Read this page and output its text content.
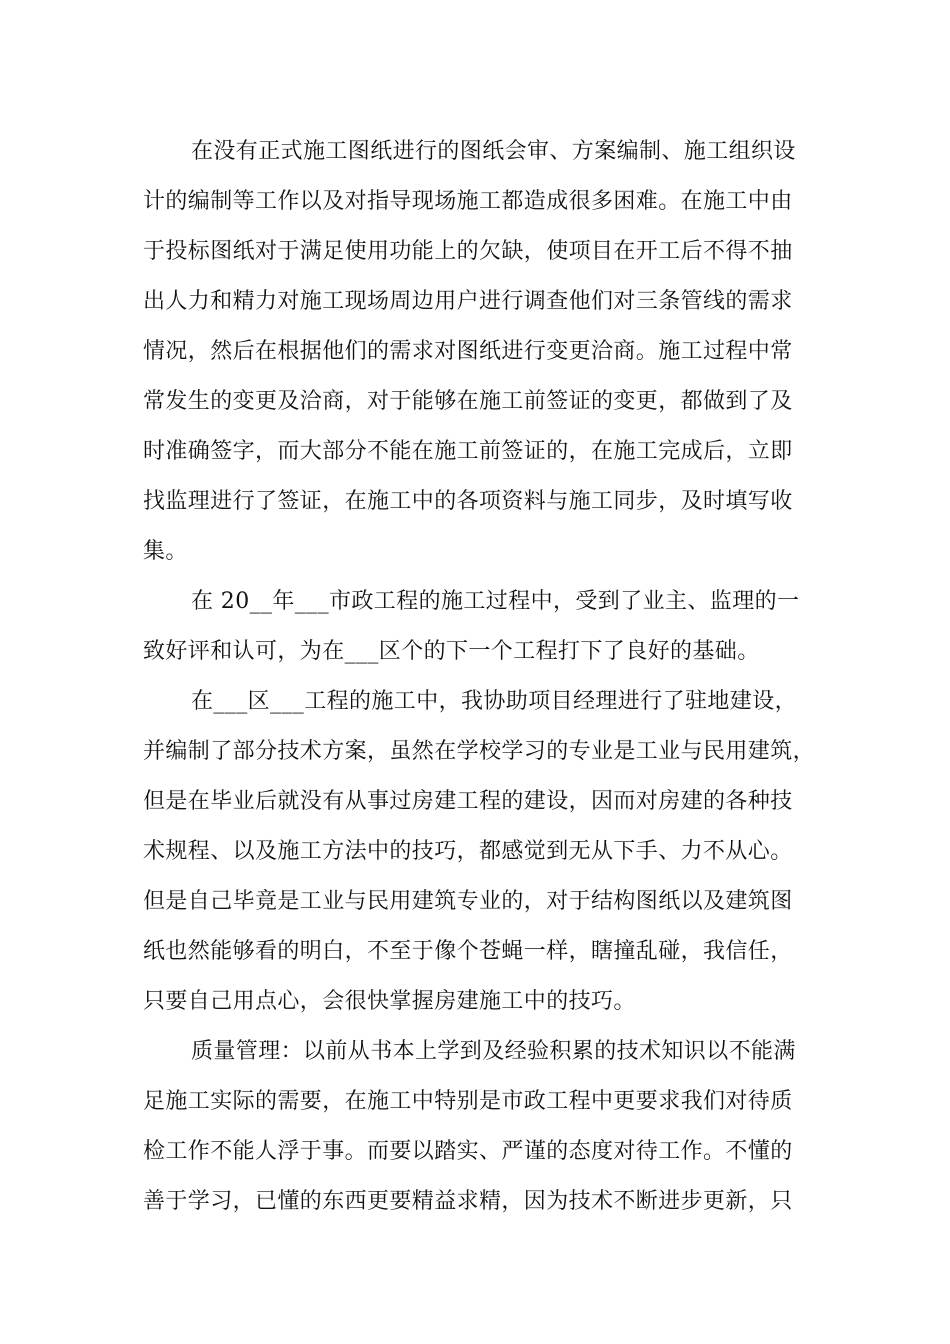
在没有正式施工图纸进行的图纸会审、方案编制、施工组织设
计的编制等工作以及对指导现场施工都造成很多困难。在施工中由
于投标图纸对于满足使用功能上的欠缺，使项目在开工后不得不抽
出人力和精力对施工现场周边用户进行调查他们对三条管线的需求
情况，然后在根据他们的需求对图纸进行变更洽商。施工过程中常
常发生的变更及洽商，对于能够在施工前签证的变更，都做到了及
时准确签字，而大部分不能在施工前签证的，在施工完成后，立即
找监理进行了签证，在施工中的各项资料与施工同步，及时填写收
集。
在 20__年___市政工程的施工过程中，受到了业主、监理的一
致好评和认可，为在___区个的下一个工程打下了良好的基础。
在___区___工程的施工中，我协助项目经理进行了驻地建设，
并编制了部分技术方案，虽然在学校学习的专业是工业与民用建筑，
但是在毕业后就没有从事过房建工程的建设，因而对房建的各种技
术规程、以及施工方法中的技巧，都感觉到无从下手、力不从心。
但是自己毕竟是工业与民用建筑专业的，对于结构图纸以及建筑图
纸也然能够看的明白，不至于像个苍蝇一样，瞎撞乱碰，我信任，
只要自己用点心，会很快掌握房建施工中的技巧。
质量管理：以前从书本上学到及经验积累的技术知识以不能满
足施工实际的需要，在施工中特别是市政工程中更要求我们对待质
检工作不能人浮于事。而要以踏实、严谨的态度对待工作。不懂的
善于学习，已懂的东西更要精益求精，因为技术不断进步更新，只
